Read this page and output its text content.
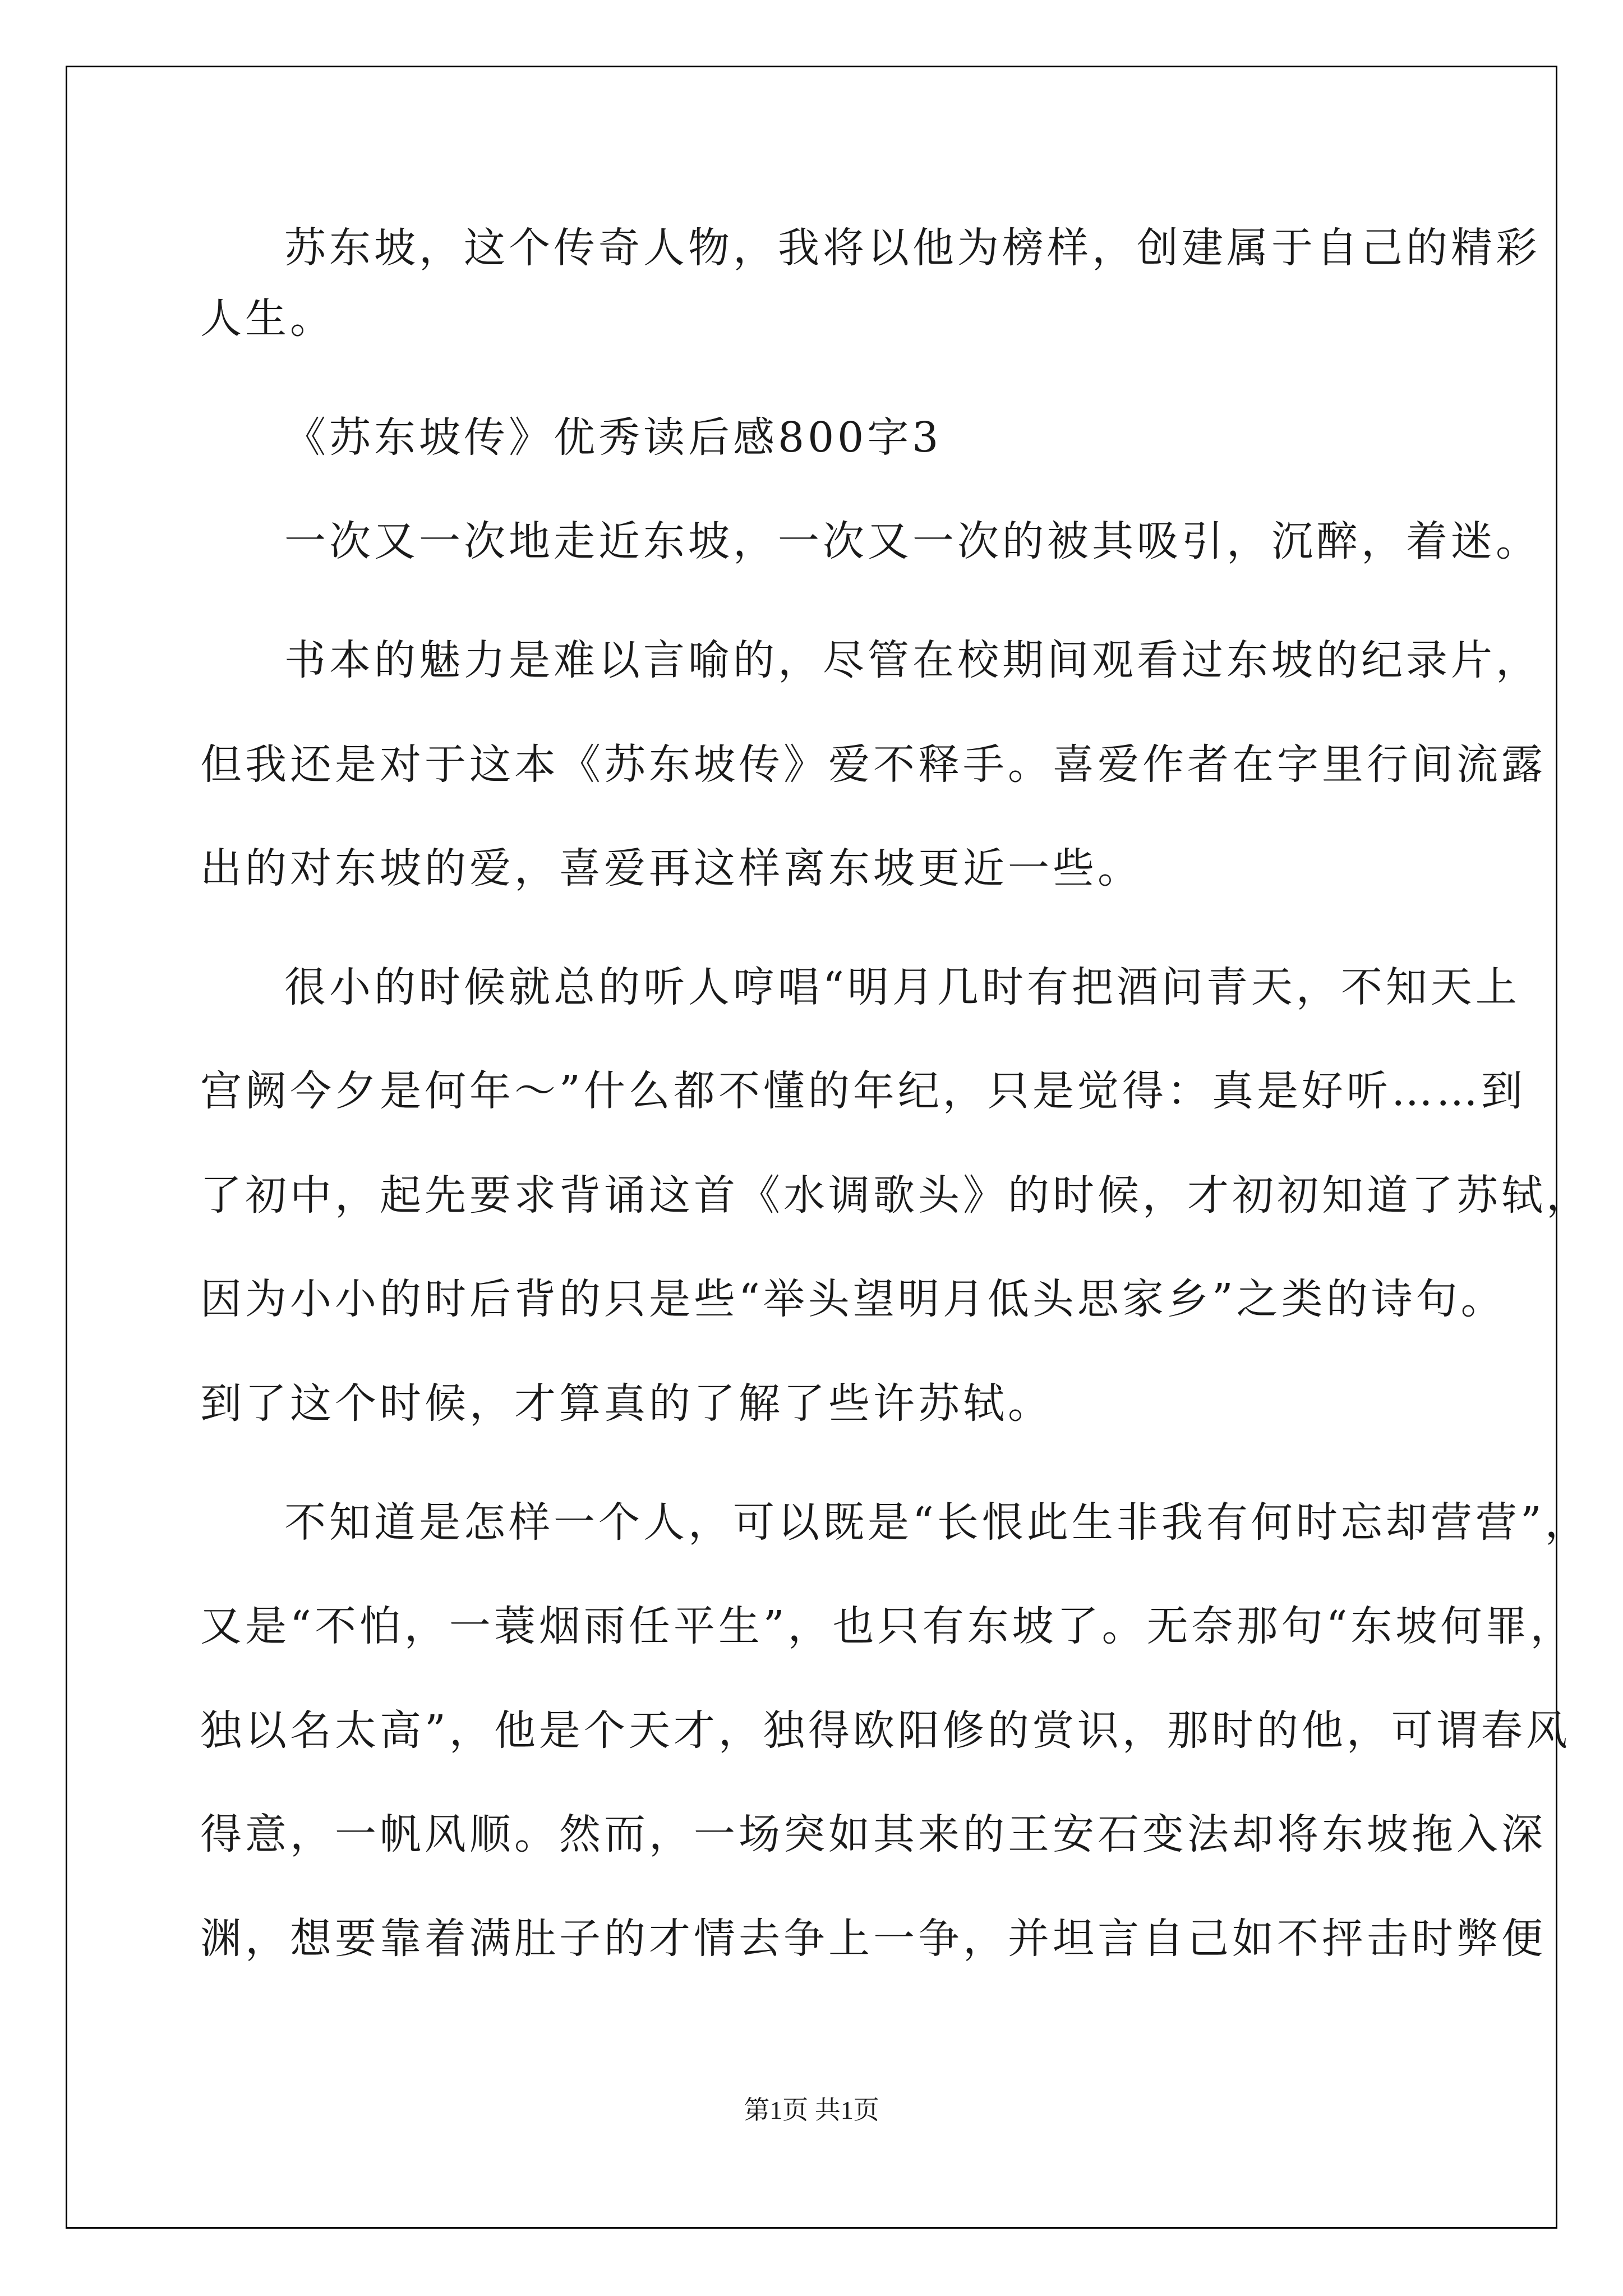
苏东坡，这个传奇人物，我将以他为榜样，创建属于自己的精彩
人生。
《苏东坡传》优秀读后感800字3
一次又一次地走近东坡，一次又一次的被其吸引，沉醉，着迷。
书本的魅力是难以言喻的，尽管在校期间观看过东坡的纪录片，
但我还是对于这本《苏东坡传》爱不释手。喜爱作者在字里行间流露
出的对东坡的爱，喜爱再这样离东坡更近一些。
很小的时候就总的听人哼唱“明月几时有把酒问青天，不知天上
宫阙今夕是何年～”什么都不懂的年纪，只是觉得：真是好听……到
了初中，起先要求背诵这首《水调歌头》的时候，才初初知道了苏轼，
因为小小的时后背的只是些“举头望明月低头思家乡”之类的诗句。
到了这个时候，才算真的了解了些许苏轼。
不知道是怎样一个人，可以既是“长恨此生非我有何时忘却营营”，
又是“不怕，一蓑烟雨任平生”，也只有东坡了。无奈那句“东坡何罪，
独以名太高”，他是个天才，独得欧阳修的赏识，那时的他，可谓春风
得意，一帆风顺。然而，一场突如其来的王安石变法却将东坡拖入深
渊，想要靠着满肚子的才情去争上一争，并坦言自己如不抨击时弊便
第1页 共1页
